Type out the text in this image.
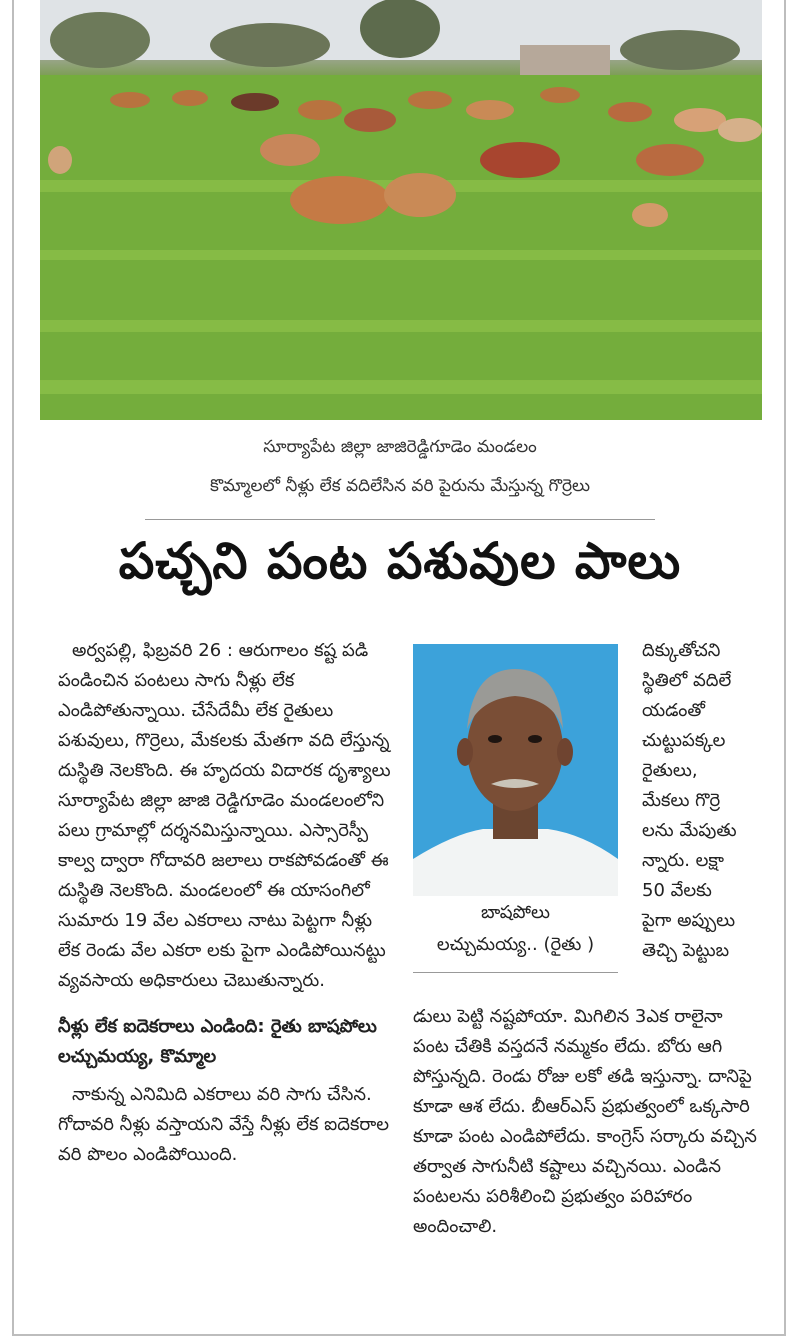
సూర్యాపేట జిల్లా జాజిరెడ్డిగూడెం మండలం
కొమ్మాలలో నీళ్లు లేక వదిలేసిన వరి పైరును మేస్తున్న గొర్రెలు
పచ్చని పంట పశువుల పాలు

అర్వపల్లి, ఫిబ్రవరి 26 : ఆరుగాలం కష్ట పడి పండించిన పంటలు సాగు నీళ్లు లేక ఎండిపోతున్నాయి. చేసేదేమీ లేక రైతులు పశువులు, గొర్రెలు, మేకలకు మేతగా వది లేస్తున్న దుస్థితి నెలకొంది. ఈ హృదయ విదారక దృశ్యాలు సూర్యాపేట జిల్లా జాజి రెడ్డిగూడెం మండలంలోని పలు గ్రామాల్లో దర్శనమిస్తున్నాయి. ఎస్సారెస్పీ కాల్వ ద్వారా గోదావరి జలాలు రాకపోవడంతో ఈ దుస్థితి నెలకొంది. మండలంలో ఈ యాసంగిలో సుమారు 19 వేల ఎకరాలు నాటు పెట్టగా నీళ్లు లేక రెండు వేల ఎకరా లకు పైగా ఎండిపోయినట్టు వ్యవసాయ అధికారులు చెబుతున్నారు.

నీళ్లు లేక ఐదెకరాలు ఎండింది: రైతు బాషపోలు లచ్చుమయ్య, కొమ్మాల

నాకున్న ఎనిమిది ఎకరాలు వరి సాగు చేసిన. గోదావరి నీళ్లు వస్తాయని వేస్తే నీళ్లు లేక ఐదెకరాల వరి పొలం ఎండిపోయింది.

బాషపోలు
లచ్చుమయ్య.. (రైతు )
దిక్కుతోచని
స్థితిలో వదిలే
యడంతో
చుట్టుపక్కల
రైతులు,
మేకలు గొర్రె
లను మేపుతు
న్నారు. లక్షా
50 వేలకు
పైగా అప్పులు
తెచ్చి పెట్టుబ

డులు పెట్టి నష్టపోయా. మిగిలిన 3ఎక రాలైనా పంట చేతికి వస్తదనే నమ్మకం లేదు. బోరు ఆగి పోస్తున్నది. రెండు రోజు లకో తడి ఇస్తున్నా. దానిపై కూడా ఆశ లేదు. బీఆర్ఎస్ ప్రభుత్వంలో ఒక్కసారి కూడా పంట ఎండిపోలేదు. కాంగ్రెస్ సర్కారు వచ్చిన తర్వాత సాగునీటి కష్టాలు వచ్చినయి. ఎండిన పంటలను పరిశీలించి ప్రభుత్వం పరిహారం అందించాలి.
